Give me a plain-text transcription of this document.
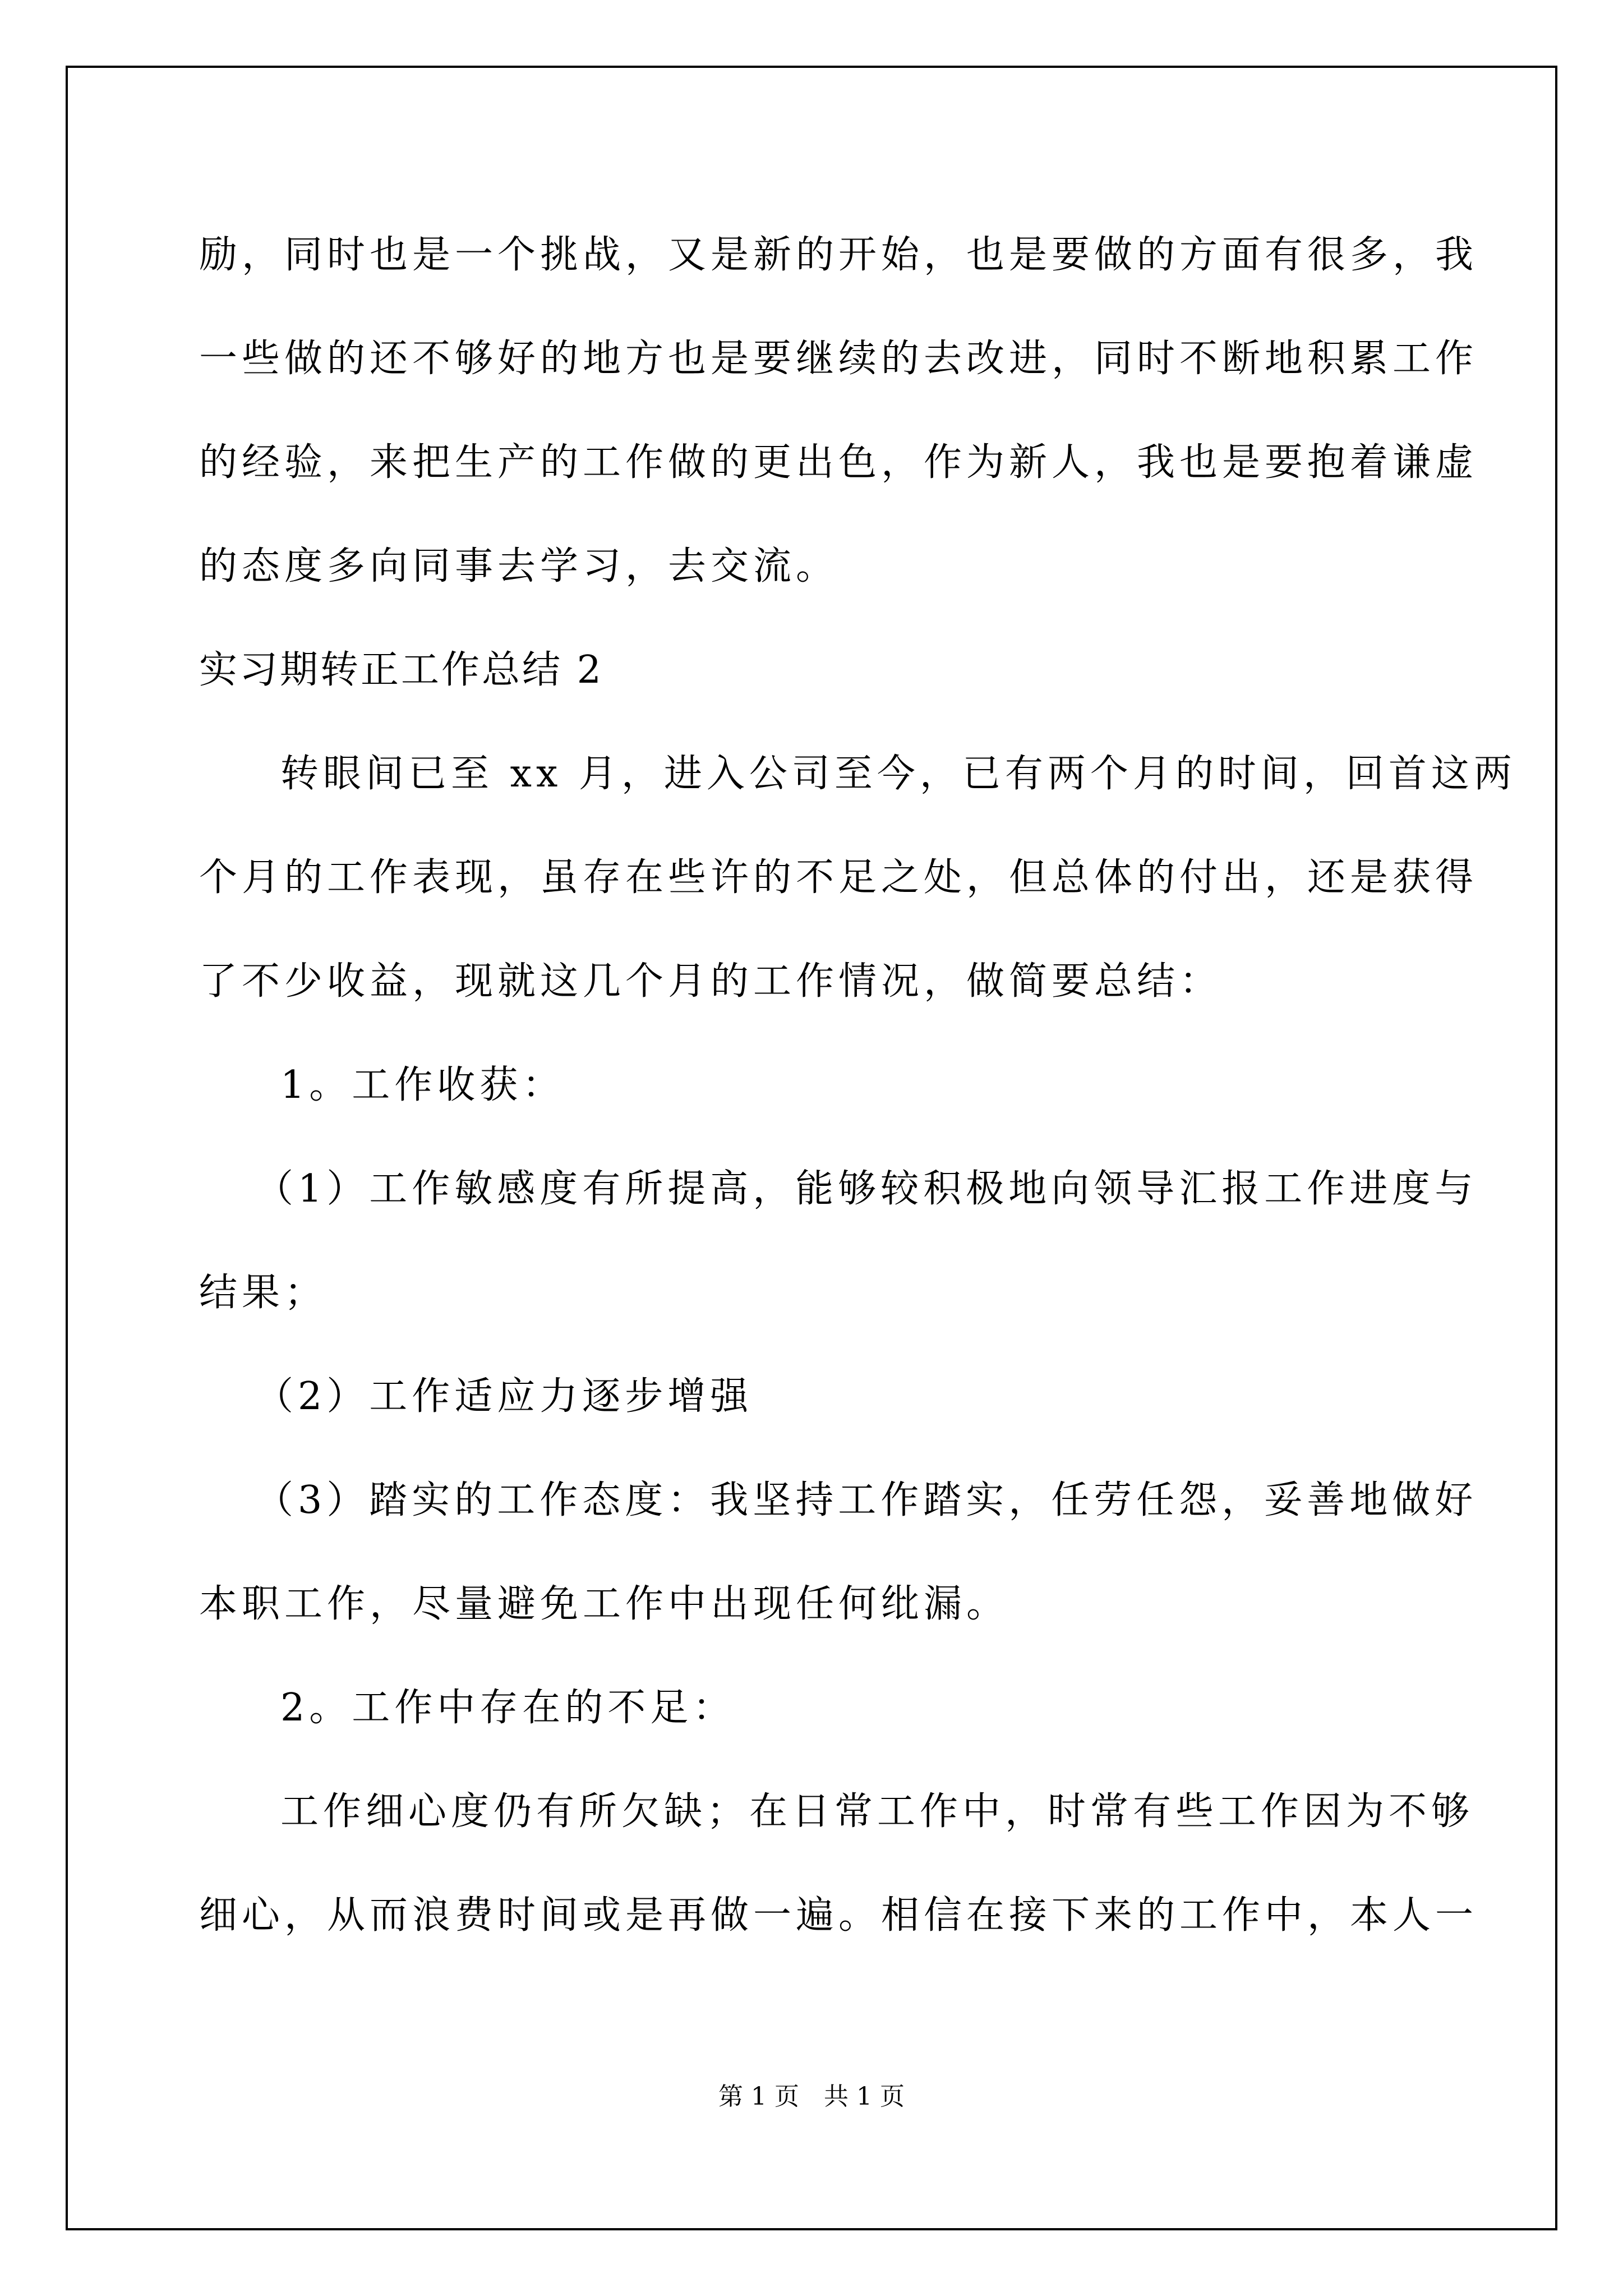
励，同时也是一个挑战，又是新的开始，也是要做的方面有很多，我
一些做的还不够好的地方也是要继续的去改进，同时不断地积累工作
的经验，来把生产的工作做的更出色，作为新人，我也是要抱着谦虚
的态度多向同事去学习，去交流。
实习期转正工作总结 2
转眼间已至 xx 月，进入公司至今，已有两个月的时间，回首这两
个月的工作表现，虽存在些许的不足之处，但总体的付出，还是获得
了不少收益，现就这几个月的工作情况，做简要总结：
1。工作收获：
（1）工作敏感度有所提高，能够较积极地向领导汇报工作进度与
结果；
（2）工作适应力逐步增强
（3）踏实的工作态度：我坚持工作踏实，任劳任怨，妥善地做好
本职工作，尽量避免工作中出现任何纰漏。
2。工作中存在的不足：
工作细心度仍有所欠缺；在日常工作中，时常有些工作因为不够
细心，从而浪费时间或是再做一遍。相信在接下来的工作中，本人一
第 1 页　共 1 页
